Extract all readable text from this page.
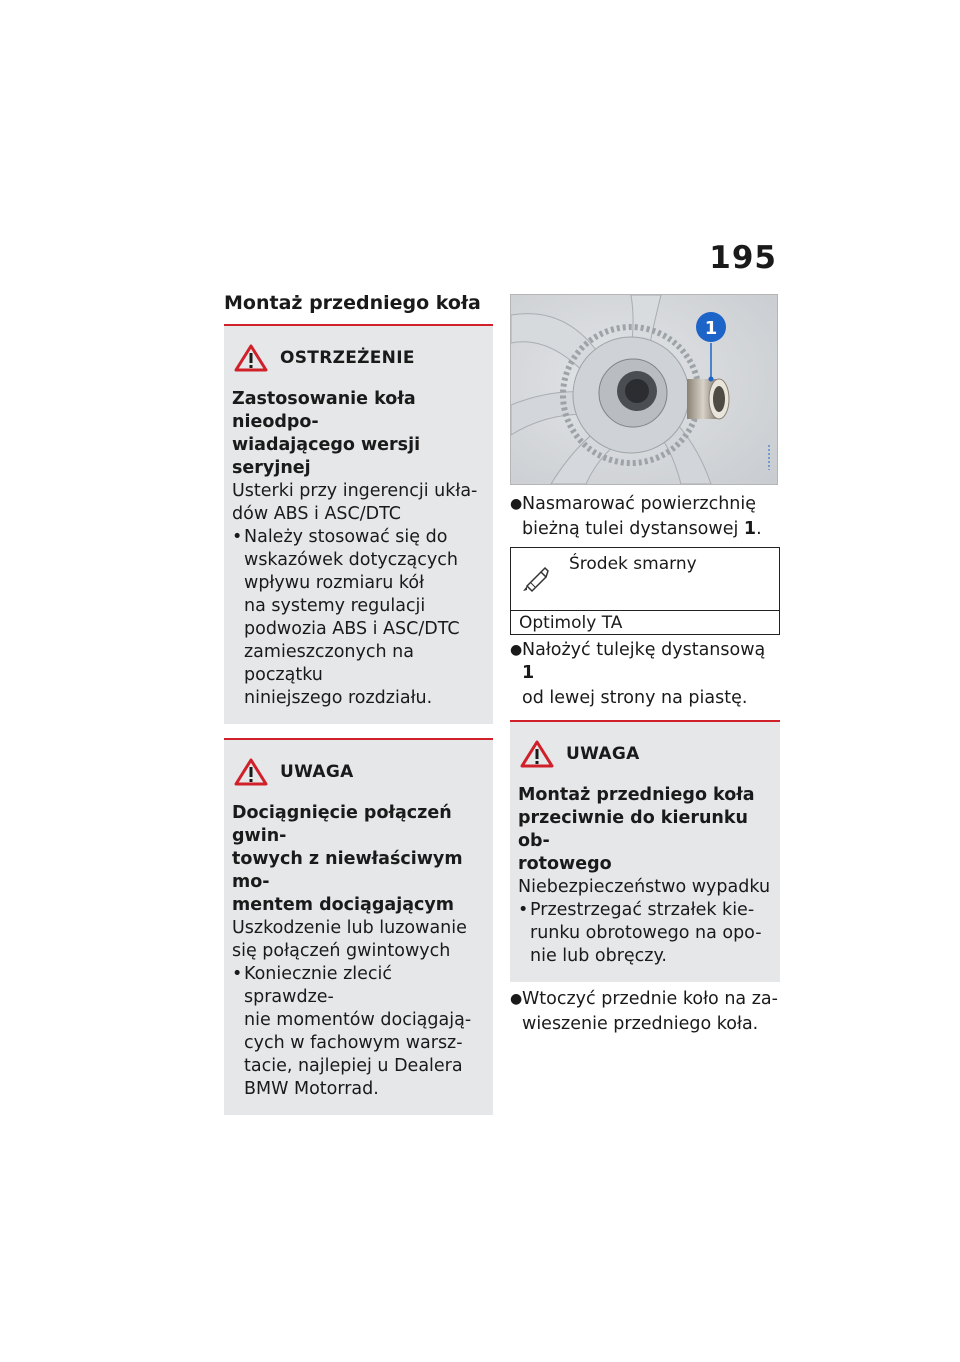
195
Montaż przedniego koła
OSTRZEŻENIE
Zastosowanie koła nieodpo-
wiadającego wersji seryjnej
Usterki przy ingerencji ukła-
dów ABS i ASC/DTC
• Należy stosować się do
wskazówek dotyczących
wpływu rozmiaru kół
na systemy regulacji
podwozia ABS i ASC/DTC
zamieszczonych na początku
niniejszego rozdziału.
UWAGA
Dociągnięcie połączeń gwin-
towych z niewłaściwym mo-
mentem dociągającym
Uszkodzenie lub luzowanie
się połączeń gwintowych
• Koniecznie zlecić sprawdze-
nie momentów dociągają-
cych w fachowym warsz-
tacie, najlepiej u Dealera
BMW Motorrad.
1
● Nasmarować powierzchnię
bieżną tulei dystansowej 1.
Środek smarny
Optimoly TA
● Nałożyć tulejkę dystansową 1
od lewej strony na piastę.
UWAGA
Montaż przedniego koła
przeciwnie do kierunku ob-
rotowego
Niebezpieczeństwo wypadku
• Przestrzegać strzałek kie-
runku obrotowego na opo-
nie lub obręczy.
● Wtoczyć przednie koło na za-
wieszenie przedniego koła.
